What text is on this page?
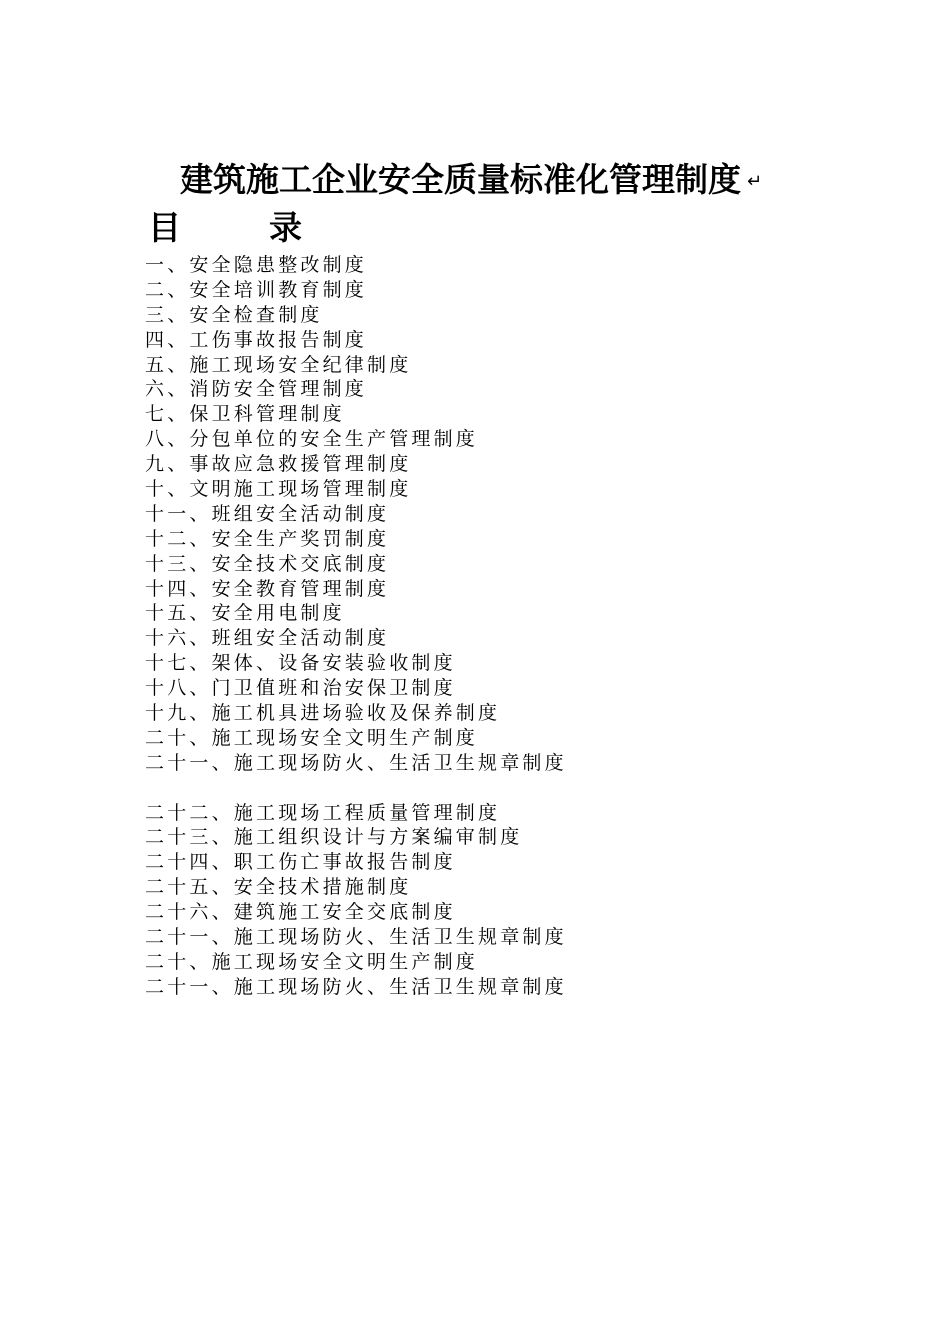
建筑施工企业安全质量标准化管理制度 ↵
目	录
一、安全隐患整改制度
二、安全培训教育制度
三、安全检查制度
四、工伤事故报告制度
五、施工现场安全纪律制度
六、消防安全管理制度
七、保卫科管理制度
八、分包单位的安全生产管理制度
九、事故应急救援管理制度
十、文明施工现场管理制度
十一、班组安全活动制度
十二、安全生产奖罚制度
十三、安全技术交底制度
十四、安全教育管理制度
十五、安全用电制度
十六、班组安全活动制度
十七、架体、设备安装验收制度
十八、门卫值班和治安保卫制度
十九、施工机具进场验收及保养制度
二十、施工现场安全文明生产制度
二十一、施工现场防火、生活卫生规章制度
二十二、施工现场工程质量管理制度
二十三、施工组织设计与方案编审制度
二十四、职工伤亡事故报告制度
二十五、安全技术措施制度
二十六、建筑施工安全交底制度
二十一、施工现场防火、生活卫生规章制度
二十、施工现场安全文明生产制度
二十一、施工现场防火、生活卫生规章制度
